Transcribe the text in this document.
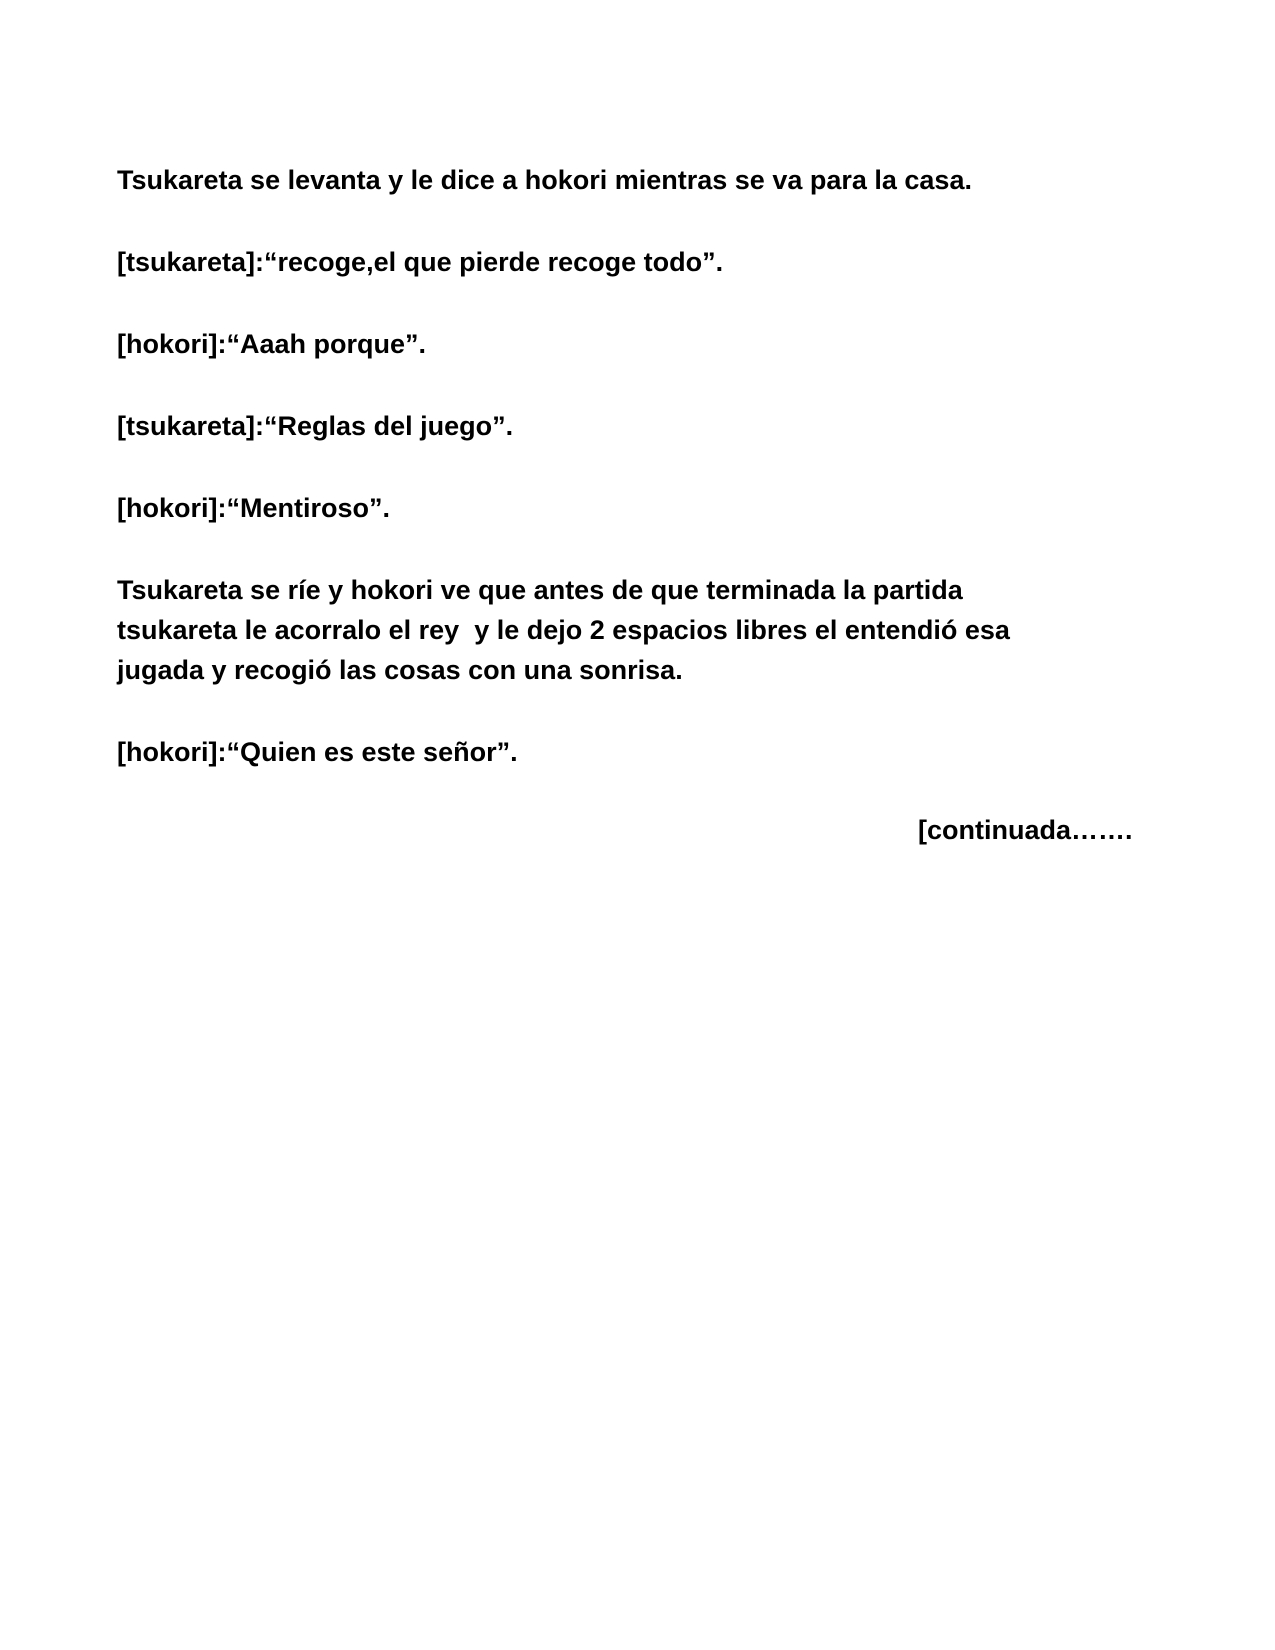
Tsukareta se levanta y le dice a hokori mientras se va para la casa.

[tsukareta]:“recoge,el que pierde recoge todo”.

[hokori]:“Aaah porque”.

[tsukareta]:“Reglas del juego”.

[hokori]:“Mentiroso”.

Tsukareta se ríe y hokori ve que antes de que terminada la partida
tsukareta le acorralo el rey  y le dejo 2 espacios libres el entendió esa
jugada y recogió las cosas con una sonrisa.

[hokori]:“Quien es este señor”.

[continuada…….
